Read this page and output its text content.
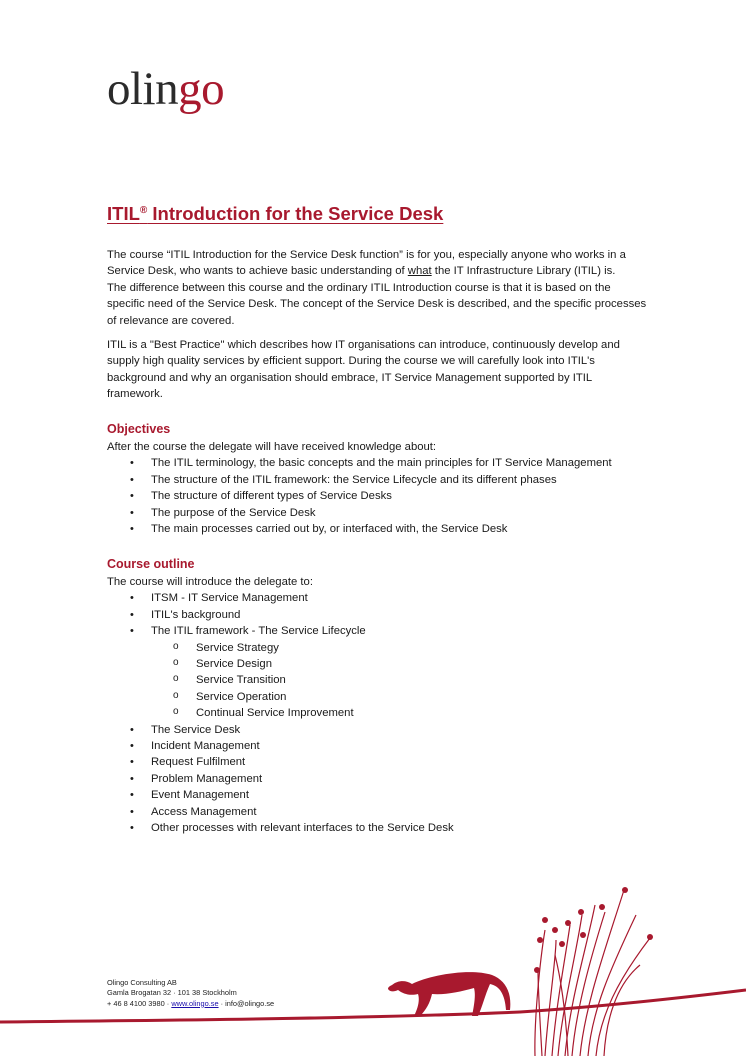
olingo
ITIL® Introduction for the Service Desk

The course “ITIL Introduction for the Service Desk function” is for you, especially anyone who works in a Service Desk, who wants to achieve basic understanding of what the IT Infrastructure Library (ITIL) is.

The difference between this course and the ordinary ITIL Introduction course is that it is based on the specific need of the Service Desk. The concept of the Service Desk is described, and the specific processes of relevance are covered.

ITIL is a "Best Practice" which describes how IT organisations can introduce, continuously develop and supply high quality services by efficient support. During the course we will carefully look into ITIL's background and why an organisation should embrace, IT Service Management supported by ITIL framework.

Objectives

After the course the delegate will have received knowledge about:

• The ITIL terminology, the basic concepts and the main principles for IT Service Management
• The structure of the ITIL framework: the Service Lifecycle and its different phases
• The structure of different types of Service Desks
• The purpose of the Service Desk
• The main processes carried out by, or interfaced with, the Service Desk

Course outline

The course will introduce the delegate to:

• ITSM - IT Service Management
• ITIL's background
• The ITIL framework - The Service Lifecycle
o Service Strategy
o Service Design
o Service Transition
o Service Operation
o Continual Service Improvement
• The Service Desk
• Incident Management
• Request Fulfilment
• Problem Management
• Event Management
• Access Management
• Other processes with relevant interfaces to the Service Desk
Olingo Consulting AB
Gamla Brogatan 32 · 101 38 Stockholm
+ 46 8 4100 3980 · www.olingo.se · info@olingo.se
